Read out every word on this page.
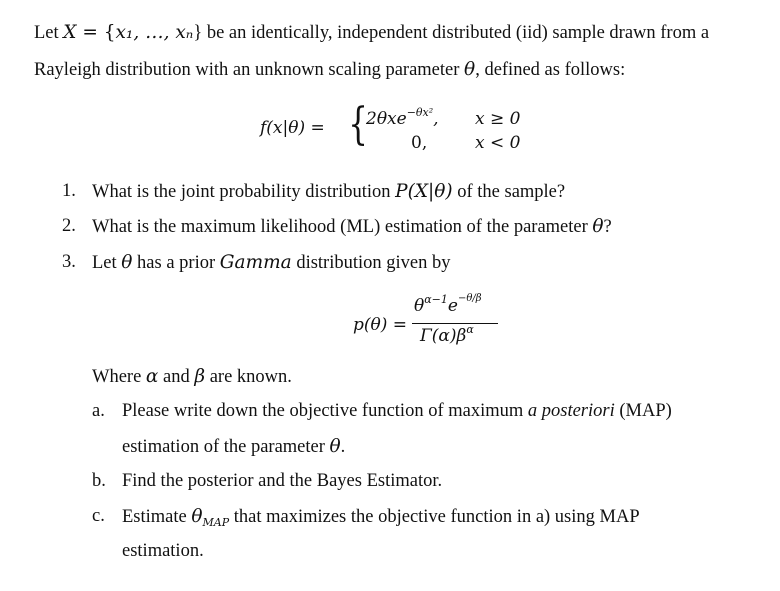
Let X = {x₁, …, xₙ} be an identically, independent distributed (iid) sample drawn from a
Rayleigh distribution with an unknown scaling parameter θ, defined as follows:
f(x|θ) = {
2θxe$^{-\theta x^2}$, x ≥ 0
0,	x < 0
1. What is the joint probability distribution P(X|θ) of the sample?
2. What is the maximum likelihood (ML) estimation of the parameter θ?
3. Let θ has a prior Gamma distribution given by
p(θ) =
$\theta^{\alpha-1}e^{-\theta/\beta}$
$\Gamma(\alpha)\beta^\alpha$
Where α and β are known.
a. Please write down the objective function of maximum a posteriori (MAP)
estimation of the parameter θ.
b. Find the posterior and the Bayes Estimator.
c. Estimate $\theta_{MAP}$ that maximizes the objective function in a) using MAP
estimation.
